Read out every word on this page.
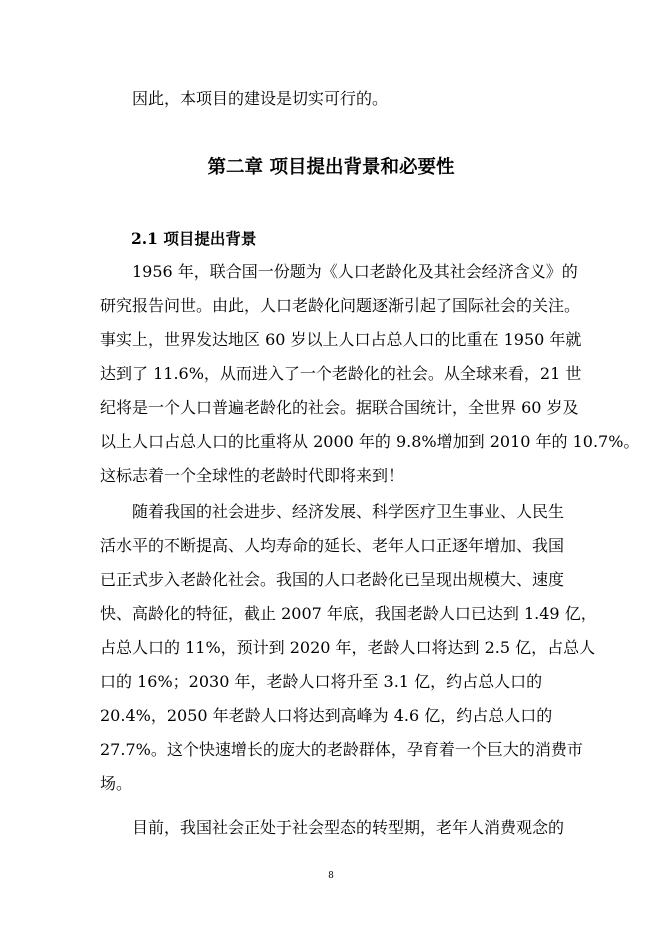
因此，本项目的建设是切实可行的。
第二章 项目提出背景和必要性
2.1 项目提出背景
1956 年，联合国一份题为《人口老龄化及其社会经济含义》的
研究报告问世。由此，人口老龄化问题逐渐引起了国际社会的关注。
事实上，世界发达地区 60 岁以上人口占总人口的比重在 1950 年就
达到了 11.6%，从而进入了一个老龄化的社会。从全球来看，21 世
纪将是一个人口普遍老龄化的社会。据联合国统计，全世界 60 岁及
以上人口占总人口的比重将从 2000 年的 9.8%增加到 2010 年的 10.7%。
这标志着一个全球性的老龄时代即将来到！
随着我国的社会进步、经济发展、科学医疗卫生事业、人民生
活水平的不断提高、人均寿命的延长、老年人口正逐年增加、我国
已正式步入老龄化社会。我国的人口老龄化已呈现出规模大、速度
快、高龄化的特征，截止 2007 年底，我国老龄人口已达到 1.49 亿，
占总人口的 11%，预计到 2020 年，老龄人口将达到 2.5 亿，占总人
口的 16%；2030 年，老龄人口将升至 3.1 亿，约占总人口的
20.4%，2050 年老龄人口将达到高峰为 4.6 亿，约占总人口的
27.7%。这个快速增长的庞大的老龄群体，孕育着一个巨大的消费市
场。
目前，我国社会正处于社会型态的转型期，老年人消费观念的
8
